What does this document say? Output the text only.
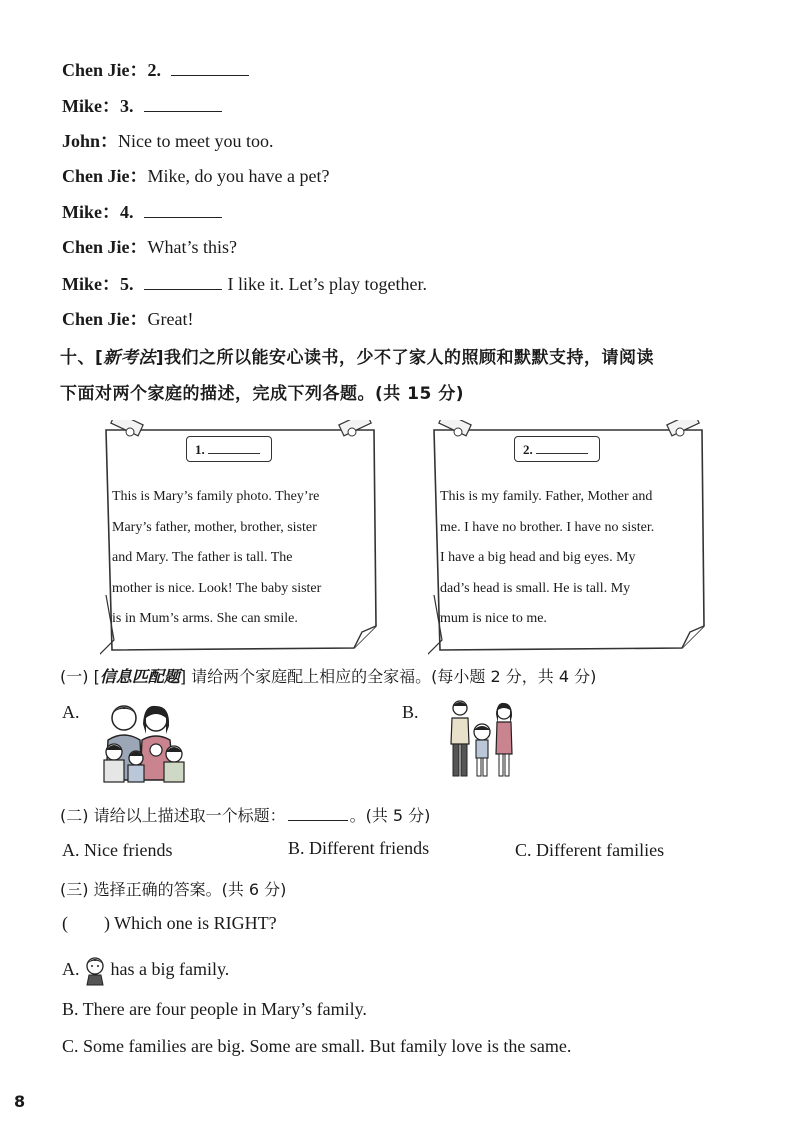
Chen Jie：2.
Mike：3.
John：Nice to meet you too.
Chen Jie：Mike, do you have a pet?
Mike：4.
Chen Jie：What’s this?
Mike：5.	I like it. Let’s play together.
Chen Jie：Great!
十、[新考法]我们之所以能安心读书，少不了家人的照顾和默默支持，请阅读
下面对两个家庭的描述，完成下列各题。(共 15 分)
1.
This is Mary’s family photo. They’re
Mary’s father, mother, brother, sister
and Mary. The father is tall. The
mother is nice. Look! The baby sister
is in Mum’s arms. She can smile.
2.
This is my family. Father, Mother and
me. I have no brother. I have no sister.
I have a big head and big eyes. My
dad’s head is small. He is tall. My
mum is nice to me.
(一) [信息匹配题] 请给两个家庭配上相应的全家福。(每小题 2 分，共 4 分)
A.	B.
(二) 请给以上描述取一个标题：	。(共 5 分)
A. Nice friends	B. Different friends	C. Different families
(三) 选择正确的答案。(共 6 分)
( ) Which one is RIGHT?
A. has a big family.
B. There are four people in Mary’s family.
C. Some families are big. Some are small. But family love is the same.
8
